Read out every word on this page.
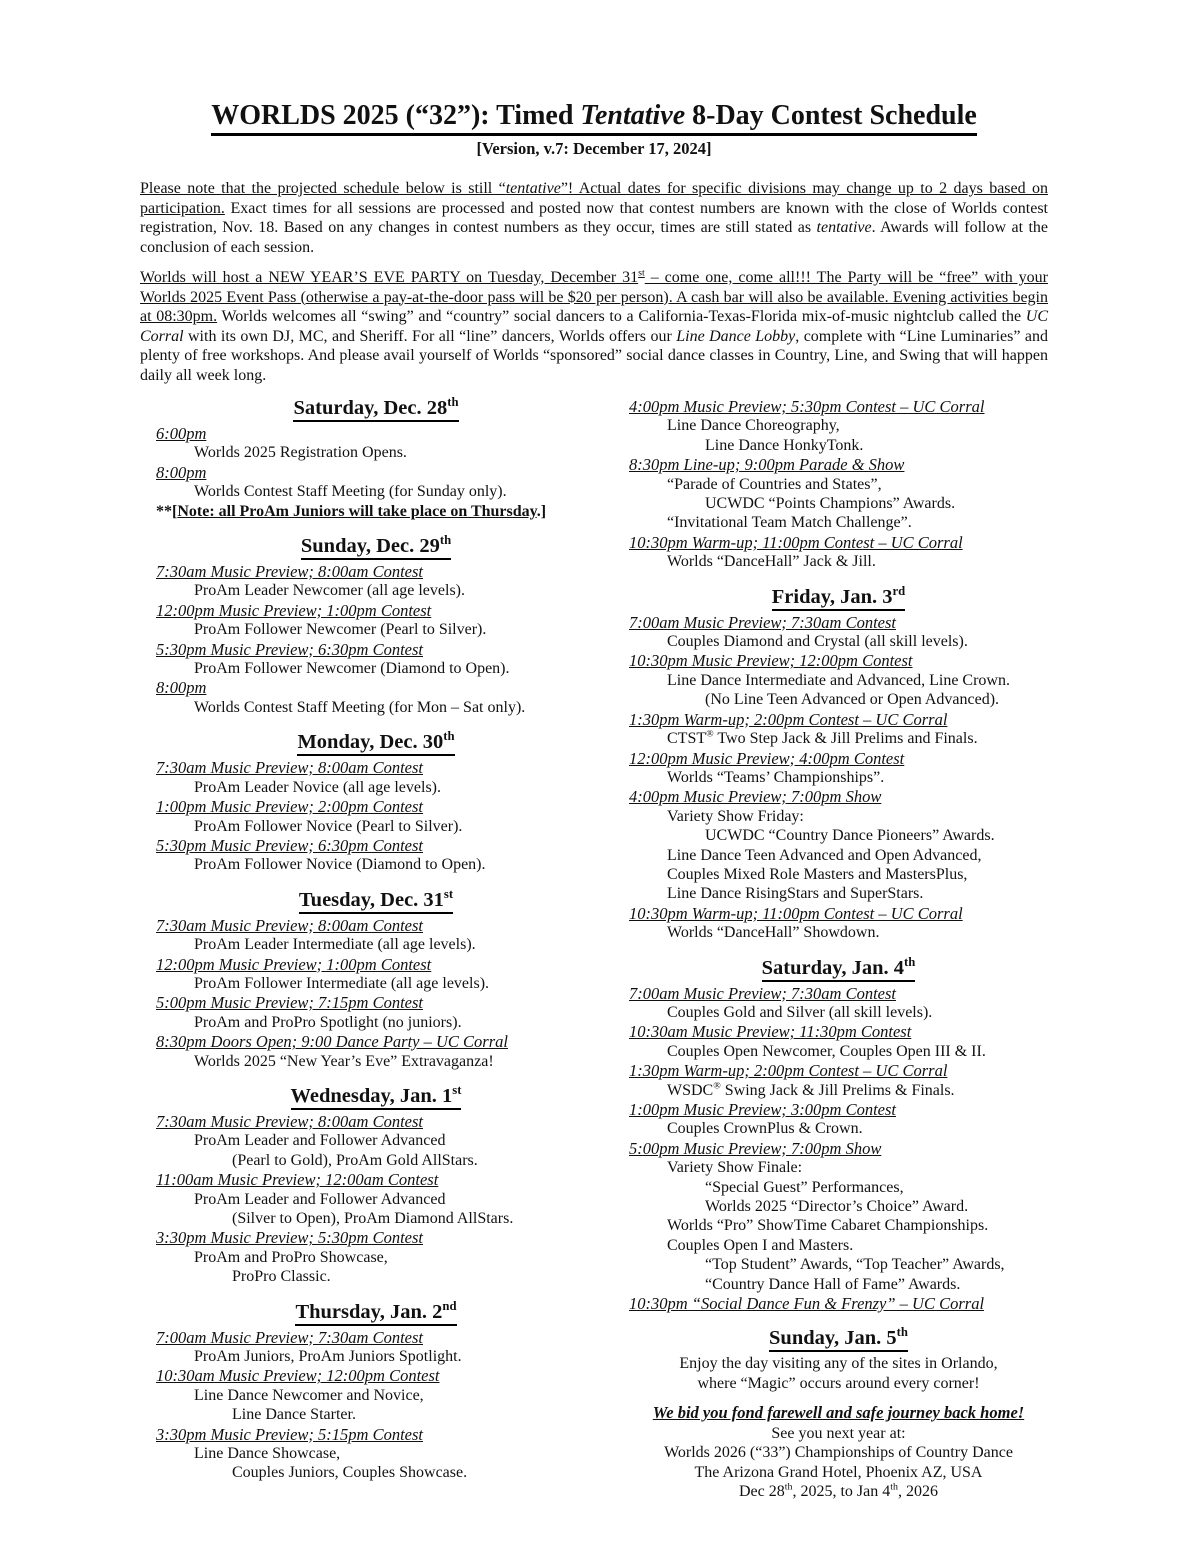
WORLDS 2025 (“32”): Timed Tentative 8-Day Contest Schedule
[Version, v.7: December 17, 2024]

Please note that the projected schedule below is still “tentative”! Actual dates for specific divisions may change up to 2 days based on participation. Exact times for all sessions are processed and posted now that contest numbers are known with the close of Worlds contest registration, Nov. 18. Based on any changes in contest numbers as they occur, times are still stated as tentative. Awards will follow at the conclusion of each session.

Worlds will host a NEW YEAR’S EVE PARTY on Tuesday, December 31st – come one, come all!!! The Party will be “free” with your Worlds 2025 Event Pass (otherwise a pay-at-the-door pass will be $20 per person). A cash bar will also be available. Evening activities begin at 08:30pm. Worlds welcomes all “swing” and “country” social dancers to a California-Texas-Florida mix-of-music nightclub called the UC Corral with its own DJ, MC, and Sheriff. For all “line” dancers, Worlds offers our Line Dance Lobby, complete with “Line Luminaries” and plenty of free workshops. And please avail yourself of Worlds “sponsored” social dance classes in Country, Line, and Swing that will happen daily all week long.

Saturday, Dec. 28th
6:00pm
Worlds 2025 Registration Opens.
8:00pm
Worlds Contest Staff Meeting (for Sunday only).
**[Note: all ProAm Juniors will take place on Thursday.]
Sunday, Dec. 29th
7:30am Music Preview; 8:00am Contest
ProAm Leader Newcomer (all age levels).
12:00pm Music Preview; 1:00pm Contest
ProAm Follower Newcomer (Pearl to Silver).
5:30pm Music Preview; 6:30pm Contest
ProAm Follower Newcomer (Diamond to Open).
8:00pm
Worlds Contest Staff Meeting (for Mon – Sat only).
Monday, Dec. 30th
7:30am Music Preview; 8:00am Contest
ProAm Leader Novice (all age levels).
1:00pm Music Preview; 2:00pm Contest
ProAm Follower Novice (Pearl to Silver).
5:30pm Music Preview; 6:30pm Contest
ProAm Follower Novice (Diamond to Open).
Tuesday, Dec. 31st
7:30am Music Preview; 8:00am Contest
ProAm Leader Intermediate (all age levels).
12:00pm Music Preview; 1:00pm Contest
ProAm Follower Intermediate (all age levels).
5:00pm Music Preview; 7:15pm Contest
ProAm and ProPro Spotlight (no juniors).
8:30pm Doors Open; 9:00 Dance Party – UC Corral
Worlds 2025 “New Year’s Eve” Extravaganza!
Wednesday, Jan. 1st
7:30am Music Preview; 8:00am Contest
ProAm Leader and Follower Advanced
(Pearl to Gold), ProAm Gold AllStars.
11:00am Music Preview; 12:00am Contest
ProAm Leader and Follower Advanced
(Silver to Open), ProAm Diamond AllStars.
3:30pm Music Preview; 5:30pm Contest
ProAm and ProPro Showcase,
ProPro Classic.
Thursday, Jan. 2nd
7:00am Music Preview; 7:30am Contest
ProAm Juniors, ProAm Juniors Spotlight.
10:30am Music Preview; 12:00pm Contest
Line Dance Newcomer and Novice,
Line Dance Starter.
3:30pm Music Preview; 5:15pm Contest
Line Dance Showcase,
Couples Juniors, Couples Showcase.
4:00pm Music Preview; 5:30pm Contest – UC Corral
Line Dance Choreography,
Line Dance HonkyTonk.
8:30pm Line-up; 9:00pm Parade & Show
“Parade of Countries and States”,
UCWDC “Points Champions” Awards.
“Invitational Team Match Challenge”.
10:30pm Warm-up; 11:00pm Contest – UC Corral
Worlds “DanceHall” Jack & Jill.
Friday, Jan. 3rd
7:00am Music Preview; 7:30am Contest
Couples Diamond and Crystal (all skill levels).
10:30pm Music Preview; 12:00pm Contest
Line Dance Intermediate and Advanced, Line Crown.
(No Line Teen Advanced or Open Advanced).
1:30pm Warm-up; 2:00pm Contest – UC Corral
CTST® Two Step Jack & Jill Prelims and Finals.
12:00pm Music Preview; 4:00pm Contest
Worlds “Teams’ Championships”.
4:00pm Music Preview; 7:00pm Show
Variety Show Friday:
UCWDC “Country Dance Pioneers” Awards.
Line Dance Teen Advanced and Open Advanced,
Couples Mixed Role Masters and MastersPlus,
Line Dance RisingStars and SuperStars.
10:30pm Warm-up; 11:00pm Contest – UC Corral
Worlds “DanceHall” Showdown.
Saturday, Jan. 4th
7:00am Music Preview; 7:30am Contest
Couples Gold and Silver (all skill levels).
10:30am Music Preview; 11:30pm Contest
Couples Open Newcomer, Couples Open III & II.
1:30pm Warm-up; 2:00pm Contest – UC Corral
WSDC® Swing Jack & Jill Prelims & Finals.
1:00pm Music Preview; 3:00pm Contest
Couples CrownPlus & Crown.
5:00pm Music Preview; 7:00pm Show
Variety Show Finale:
“Special Guest” Performances,
Worlds 2025 “Director’s Choice” Award.
Worlds “Pro” ShowTime Cabaret Championships.
Couples Open I and Masters.
“Top Student” Awards, “Top Teacher” Awards,
“Country Dance Hall of Fame” Awards.
10:30pm “Social Dance Fun & Frenzy” – UC Corral
Sunday, Jan. 5th
Enjoy the day visiting any of the sites in Orlando,
where “Magic” occurs around every corner!
We bid you fond farewell and safe journey back home!
See you next year at:
Worlds 2026 (“33”) Championships of Country Dance
The Arizona Grand Hotel, Phoenix AZ, USA
Dec 28th, 2025, to Jan 4th, 2026
